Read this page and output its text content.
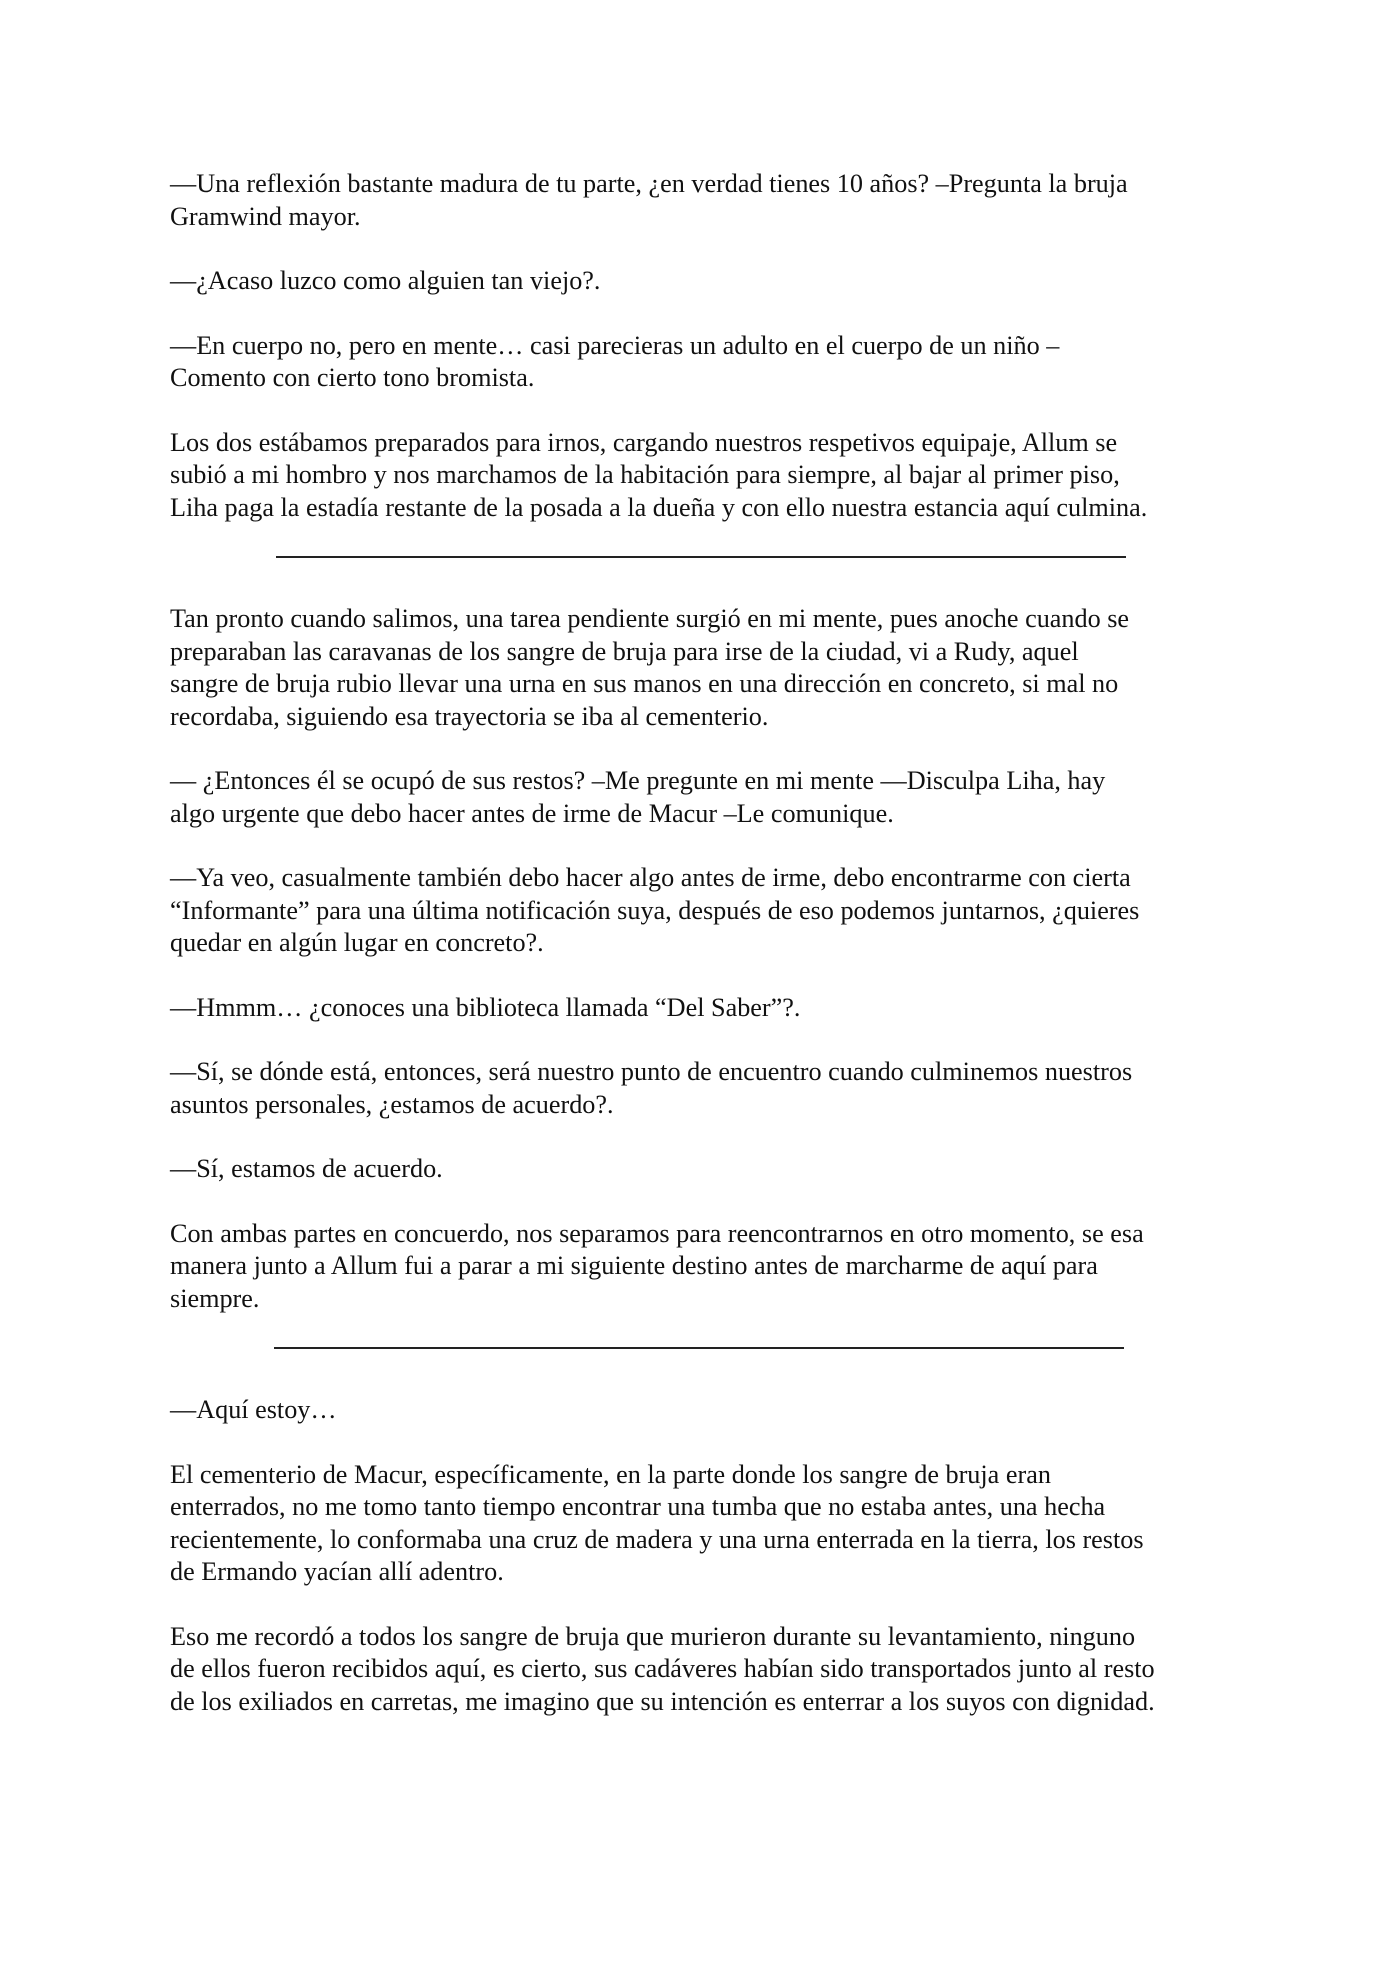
—Una reflexión bastante madura de tu parte, ¿en verdad tienes 10 años? –Pregunta la bruja
Gramwind mayor.

—¿Acaso luzco como alguien tan viejo?.

—En cuerpo no, pero en mente… casi parecieras un adulto en el cuerpo de un niño –
Comento con cierto tono bromista.

Los dos estábamos preparados para irnos, cargando nuestros respetivos equipaje, Allum se
subió a mi hombro y nos marchamos de la habitación para siempre, al bajar al primer piso,
Liha paga la estadía restante de la posada a la dueña y con ello nuestra estancia aquí culmina.

Tan pronto cuando salimos, una tarea pendiente surgió en mi mente, pues anoche cuando se
preparaban las caravanas de los sangre de bruja para irse de la ciudad, vi a Rudy, aquel
sangre de bruja rubio llevar una urna en sus manos en una dirección en concreto, si mal no
recordaba, siguiendo esa trayectoria se iba al cementerio.

— ¿Entonces él se ocupó de sus restos? –Me pregunte en mi mente —Disculpa Liha, hay
algo urgente que debo hacer antes de irme de Macur –Le comunique.

—Ya veo, casualmente también debo hacer algo antes de irme, debo encontrarme con cierta
“Informante” para una última notificación suya, después de eso podemos juntarnos, ¿quieres
quedar en algún lugar en concreto?.

—Hmmm… ¿conoces una biblioteca llamada “Del Saber”?.

—Sí, se dónde está, entonces, será nuestro punto de encuentro cuando culminemos nuestros
asuntos personales, ¿estamos de acuerdo?.

—Sí, estamos de acuerdo.

Con ambas partes en concuerdo, nos separamos para reencontrarnos en otro momento, se esa
manera junto a Allum fui a parar a mi siguiente destino antes de marcharme de aquí para
siempre.

—Aquí estoy…

El cementerio de Macur, específicamente, en la parte donde los sangre de bruja eran
enterrados, no me tomo tanto tiempo encontrar una tumba que no estaba antes, una hecha
recientemente, lo conformaba una cruz de madera y una urna enterrada en la tierra, los restos
de Ermando yacían allí adentro.

Eso me recordó a todos los sangre de bruja que murieron durante su levantamiento, ninguno
de ellos fueron recibidos aquí, es cierto, sus cadáveres habían sido transportados junto al resto
de los exiliados en carretas, me imagino que su intención es enterrar a los suyos con dignidad.
